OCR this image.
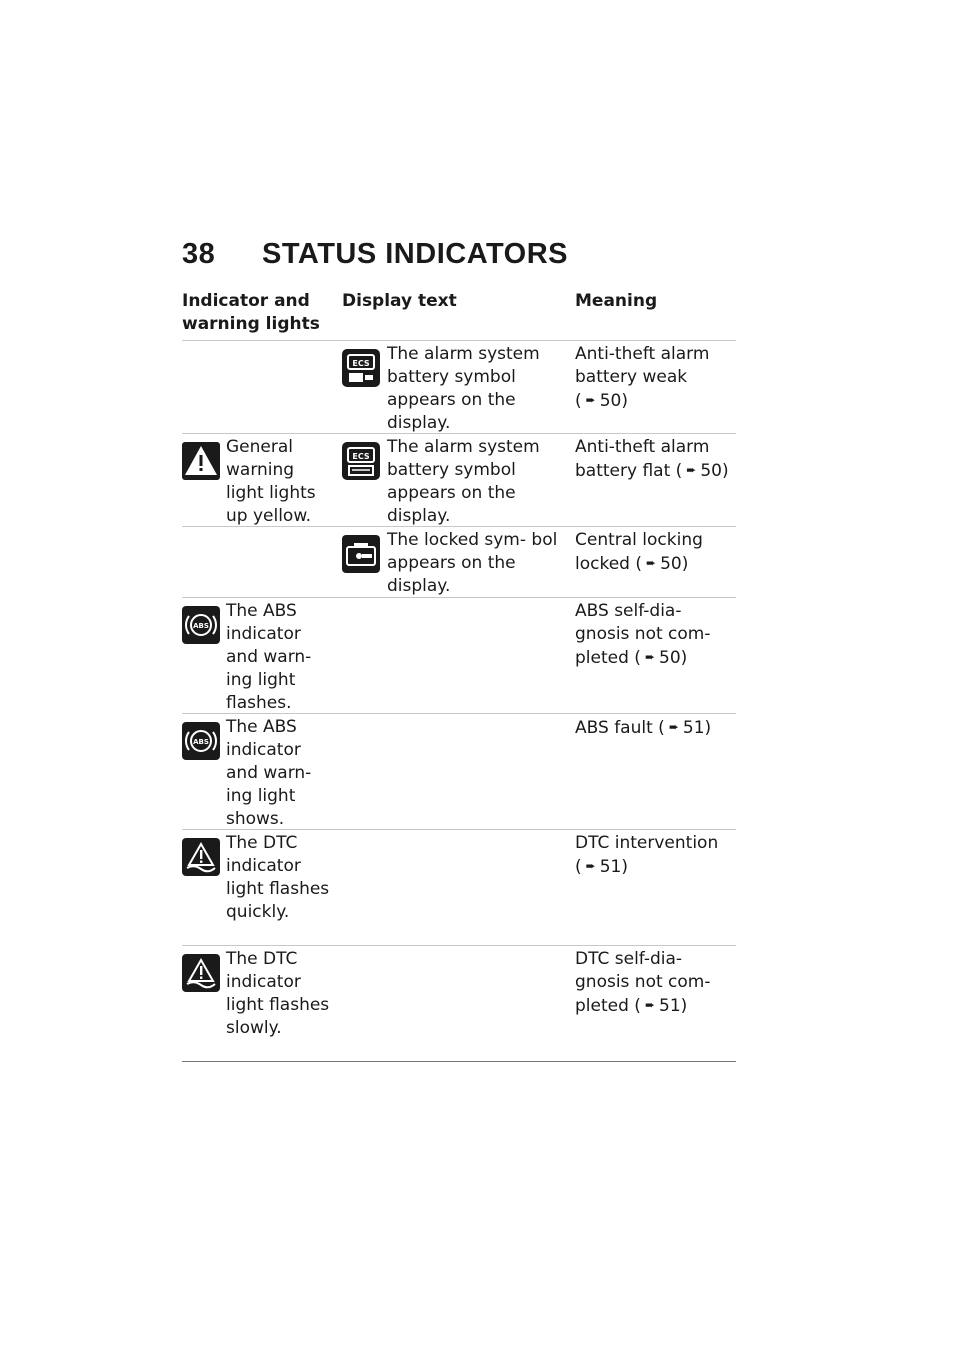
38 STATUS INDICATORS
Indicator and warning lights
Display text	Meaning
ECS The alarm system battery symbol appears on the display.
Anti-theft alarm battery weak ( ➨ 50)
General warning light lights up yellow.
ECS The alarm system battery symbol appears on the display.
Anti-theft alarm battery flat ( ➨ 50)
The locked sym- bol appears on the display.
Central locking locked ( ➨ 50)
ABS
The ABS indicator and warn- ing light flashes.
ABS self-dia- gnosis not com- pleted ( ➨ 50)
ABS
The ABS indicator and warn- ing light shows.
ABS fault ( ➨ 51)
The DTC indicator light flashes quickly.
DTC intervention ( ➨ 51)
The DTC indicator light flashes slowly.
DTC self-dia- gnosis not com- pleted ( ➨ 51)
